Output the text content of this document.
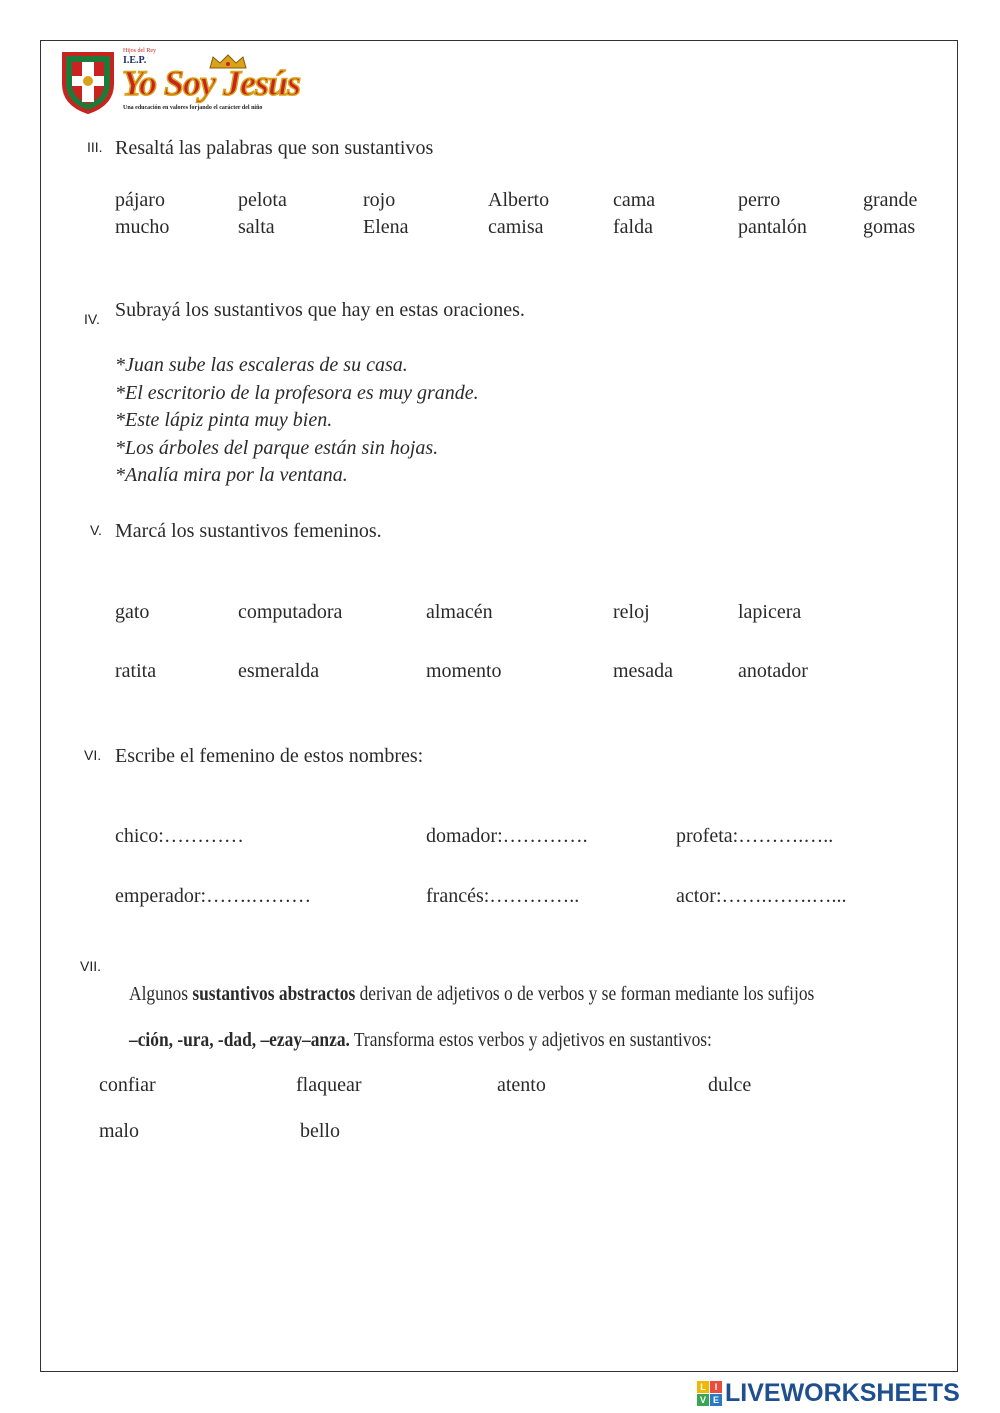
Hijos del Rey
I.E.P.
Yo Soy Jesús
Una educación en valores forjando el carácter del niño
III. Resaltá las palabras que son sustantivos
pájaro	pelota	rojo	Alberto	cama	perro	grande
mucho	salta	Elena	camisa	falda	pantalón	gomas
IV. Subrayá los sustantivos que hay en estas oraciones.
*Juan sube las escaleras de su casa.
*El escritorio de la profesora es muy grande.
*Este lápiz pinta muy bien.
*Los árboles del parque están sin hojas.
*Analía mira por la ventana.
V. Marcá los sustantivos femeninos.
gato	computadora	almacén	reloj	lapicera
ratita	esmeralda	momento	mesada	anotador
VI. Escribe el femenino de estos nombres:
chico:…………	domador:………….	profeta:……….…..
emperador:…….………	francés:…………..	actor:…….…….…...
VII.
Algunos sustantivos abstractos derivan de adjetivos o de verbos y se forman mediante los sufijos
–ción, -ura, -dad, –ezay–anza. Transforma estos verbos y adjetivos en sustantivos:
confiar	flaquear	atento	dulce
malo	bello
L I
V E LIVEWORKSHEETS
